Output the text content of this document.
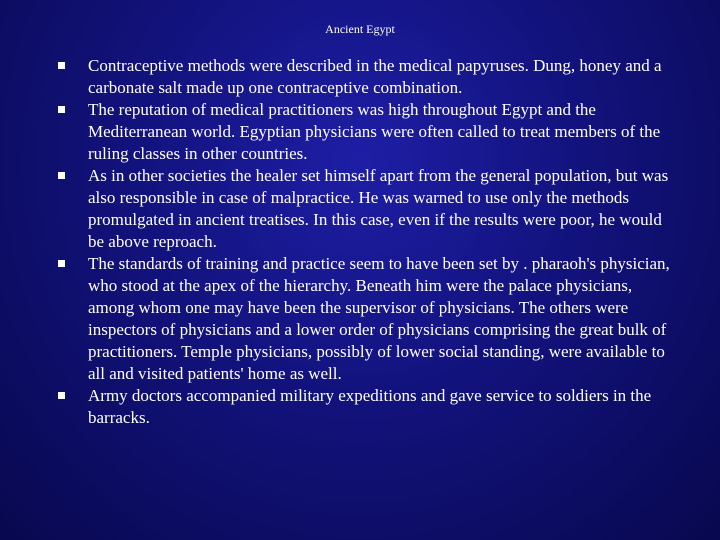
Ancient Egypt
Contraceptive methods were described in the medical papyruses. Dung, honey and a carbonate salt made up one contraceptive combination.
The reputation of medical practitioners was high throughout Egypt and the Mediterranean world. Egyptian physicians were often called to treat members of the ruling classes in other countries.
As in other societies the healer set himself apart from the general population, but was also responsible in case of malpractice. He was warned to use only the methods promulgated in ancient treatises. In this case, even if the results were poor, he would be above reproach.
The standards of training and practice seem to have been set by . pharaoh's physician, who stood at the apex of the hierarchy. Beneath him were the palace physicians, among whom one may have been the supervisor of physicians. The others were inspectors of physicians and a lower order of physicians comprising the great bulk of practitioners. Temple physicians, possibly of lower social standing, were available to all and visited patients' home as well.
Army doctors accompanied military expeditions and gave service to soldiers in the barracks.
